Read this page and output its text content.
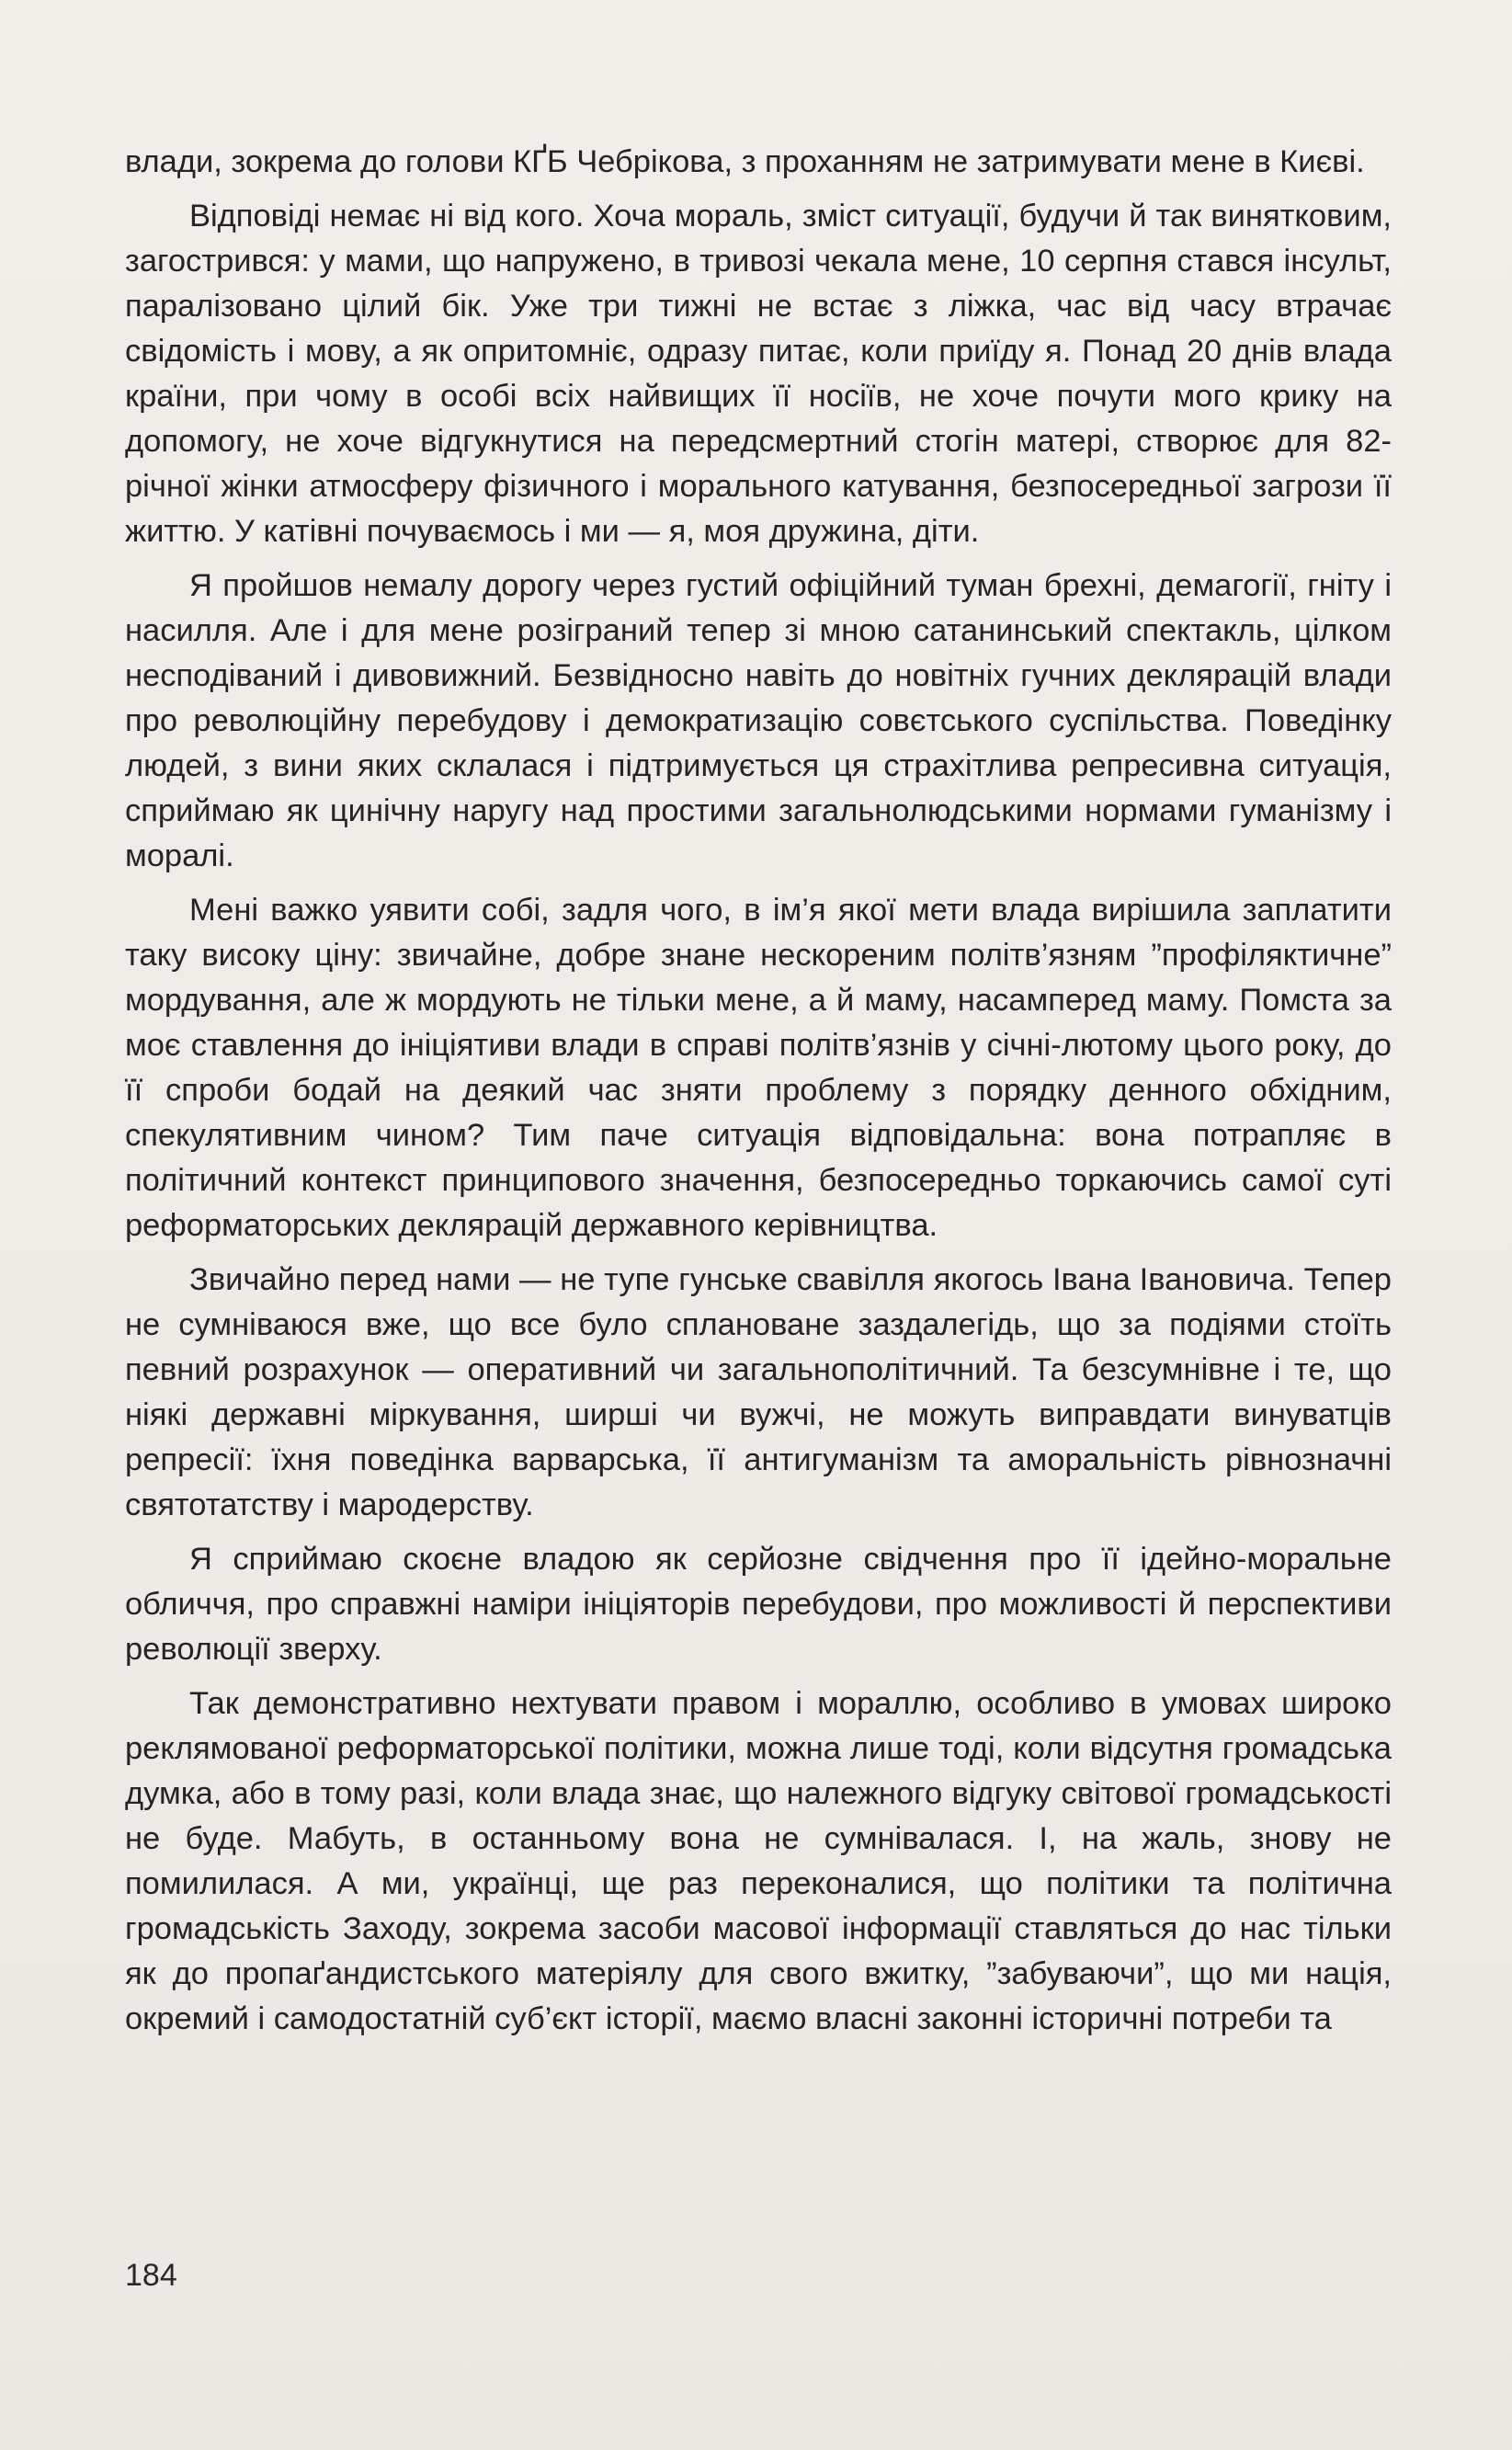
влади, зокрема до голови КҐБ Чебрікова, з проханням не затримувати мене в Києві.

Відповіді немає ні від кого. Хоча мораль, зміст ситуації, будучи й так винятковим, загострився: у мами, що напружено, в тривозі чекала мене, 10 серпня стався інсульт, паралізовано цілий бік. Уже три тижні не встає з ліжка, час від часу втрачає свідомість і мову, а як опритомніє, одразу питає, коли приїду я. Понад 20 днів влада країни, при чому в особі всіх найвищих її носіїв, не хоче почути мого крику на допомогу, не хоче відгукнутися на передсмертний стогін матері, створює для 82-річної жінки атмосферу фізичного і морального катування, безпосередньої загрози її життю. У катівні почуваємось і ми — я, моя дружина, діти.

Я пройшов немалу дорогу через густий офіційний туман брехні, демагогії, гніту і насилля. Але і для мене розіграний тепер зі мною сатанинський спектакль, цілком несподіваний і дивовижний. Безвідносно навіть до новітніх гучних деклярацій влади про революційну перебудову і демократизацію совєтського суспільства. Поведінку людей, з вини яких склалася і підтримується ця страхітлива репресивна ситуація, сприймаю як цинічну наругу над простими загальнолюдськими нормами гуманізму і моралі.

Мені важко уявити собі, задля чого, в ім’я якої мети влада вирішила заплатити таку високу ціну: звичайне, добре знане нескореним політв’язням ”профіляктичне” мордування, але ж мордують не тільки мене, а й маму, насамперед маму. Помста за моє ставлення до ініціятиви влади в справі політв’язнів у січні-лютому цього року, до її спроби бодай на деякий час зняти проблему з порядку денного обхідним, спекулятивним чином? Тим паче ситуація відповідальна: вона потрапляє в політичний контекст принципового значення, безпосередньо торкаючись самої суті реформаторських деклярацій державного керівництва.

Звичайно перед нами — не тупе гунське свавілля якогось Івана Івановича. Тепер не сумніваюся вже, що все було сплановане заздалегідь, що за подіями стоїть певний розрахунок — оперативний чи загальнополітичний. Та безсумнівне і те, що ніякі державні міркування, ширші чи вужчі, не можуть виправдати винуватців репресії: їхня поведінка варварська, її антигуманізм та аморальність рівнозначні святотатству і мародерству.

Я сприймаю скоєне владою як серйозне свідчення про її ідейно-моральне обличчя, про справжні наміри ініціяторів перебудови, про можливості й перспективи революції зверху.

Так демонстративно нехтувати правом і мораллю, особливо в умовах широко реклямованої реформаторської політики, можна лише тоді, коли відсутня громадська думка, або в тому разі, коли влада знає, що належного відгуку світової громадськості не буде. Мабуть, в останньому вона не сумнівалася. І, на жаль, знову не помилилася. А ми, українці, ще раз переконалися, що політики та політична громадськість Заходу, зокрема засоби масової інформації ставляться до нас тільки як до пропаґандистського матеріялу для свого вжитку, ”забуваючи”, що ми нація, окремий і самодостатній суб’єкт історії, маємо власні законні історичні потреби та

184
